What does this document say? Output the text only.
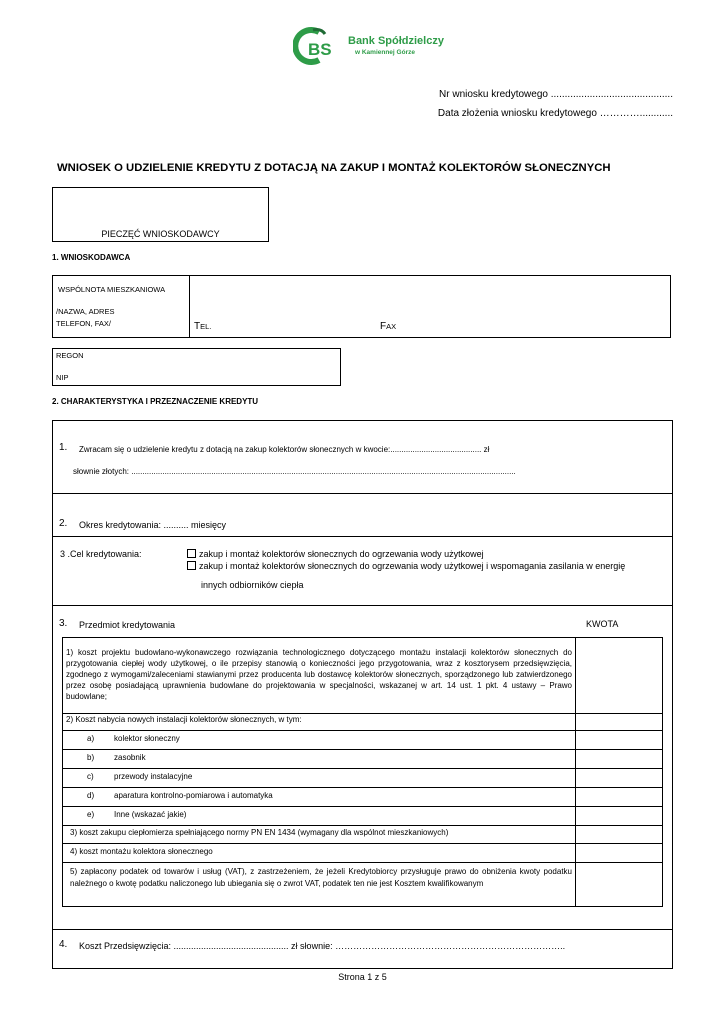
BS Bank Spółdzielczy
w Kamiennej Górze
Nr wniosku kredytowego ............................................
Data złożenia wniosku kredytowego …………............
WNIOSEK O UDZIELENIE KREDYTU Z DOTACJĄ NA ZAKUP I MONTAŻ KOLEKTORÓW SŁONECZNYCH
PIECZĘĆ WNIOSKODAWCY
1. WNIOSKODAWCA
WSPÓLNOTA MIESZKANIOWA
/NAZWA, ADRES
TELEFON, FAX/	TEL.	FAX
REGON
NIP
2. CHARAKTERYSTYKA I PRZEZNACZENIE KREDYTU
1. Zwracam się o udzielenie kredytu z dotacją na zakup kolektorów słonecznych w kwocie:......................................... zł
słownie złotych: .............................................................................................................................................................................
2. Okres kredytowania: .......... miesięcy
3 .Cel kredytowania:	zakup i montaż kolektorów słonecznych do ogrzewania wody użytkowej
zakup i montaż kolektorów słonecznych do ogrzewania wody użytkowej i wspomagania zasilania w energię
innych odbiorników ciepła
3. Przedmiot kredytowania	KWOTA
1) koszt projektu budowlano-wykonawczego rozwiązania technologicznego dotyczącego montażu instalacji kolektorów słonecznych do przygotowania ciepłej wody użytkowej, o ile przepisy stanowią o konieczności jego przygotowania, wraz z kosztorysem przedsięwzięcia, zgodnego z wymogami/zaleceniami stawianymi przez producenta lub dostawcę kolektorów słonecznych, sporządzonego lub zatwierdzonego przez osobę posiadającą uprawnienia budowlane do projektowania w specjalności, wskazanej w art. 14 ust. 1 pkt. 4 ustawy – Prawo budowlane;
2) Koszt nabycia nowych instalacji kolektorów słonecznych, w tym:
a) kolektor słoneczny
b) zasobnik
c)	przewody instalacyjne
d) aparatura kontrolno-pomiarowa i automatyka
e) Inne (wskazać jakie)
3) koszt zakupu ciepłomierza spełniającego normy PN EN 1434 (wymagany dla wspólnot mieszkaniowych)
4) koszt montażu kolektora słonecznego
5) zapłacony podatek od towarów i usług (VAT), z zastrzeżeniem, że jeżeli Kredytobiorcy przysługuje prawo do obniżenia kwoty podatku należnego o kwotę podatku naliczonego lub ubiegania się o zwrot VAT, podatek ten nie jest Kosztem kwalifikowanym
4. Koszt Przedsięwzięcia: .............................................. zł słownie: …………………………………………………………………..
Strona 1 z 5
